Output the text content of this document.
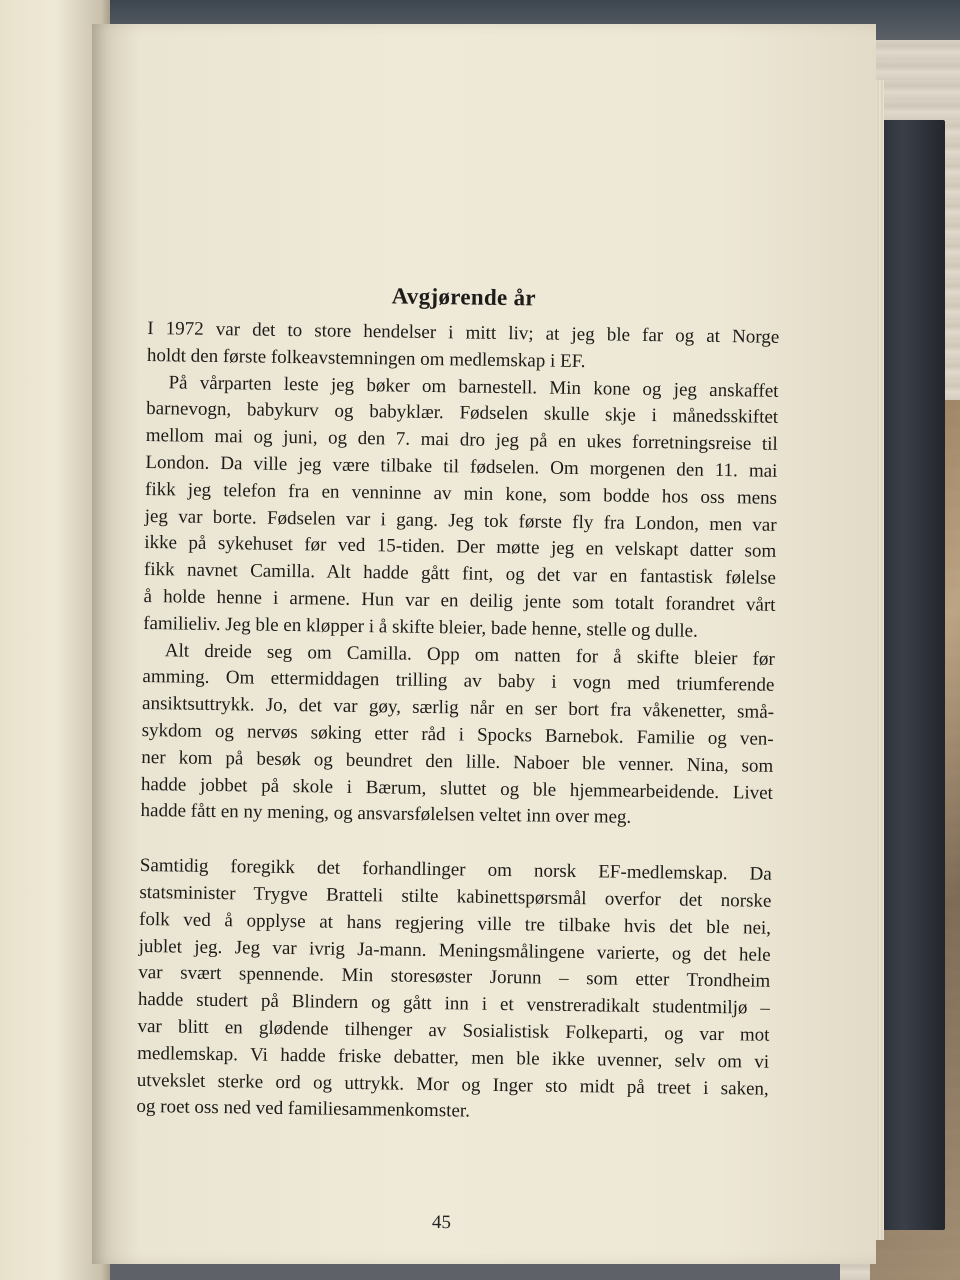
Avgjørende år

I 1972 var det to store hendelser i mitt liv; at jeg ble far og at Norge
holdt den første folkeavstemningen om medlemskap i EF.

På vårparten leste jeg bøker om barnestell. Min kone og jeg anskaffet
barnevogn, babykurv og babyklær. Fødselen skulle skje i månedsskiftet
mellom mai og juni, og den 7. mai dro jeg på en ukes forretningsreise til
London. Da ville jeg være tilbake til fødselen. Om morgenen den 11. mai
fikk jeg telefon fra en venninne av min kone, som bodde hos oss mens
jeg var borte. Fødselen var i gang. Jeg tok første fly fra London, men var
ikke på sykehuset før ved 15-tiden. Der møtte jeg en velskapt datter som
fikk navnet Camilla. Alt hadde gått fint, og det var en fantastisk følelse
å holde henne i armene. Hun var en deilig jente som totalt forandret vårt
familieliv. Jeg ble en kløpper i å skifte bleier, bade henne, stelle og dulle.

Alt dreide seg om Camilla. Opp om natten for å skifte bleier før
amming. Om ettermiddagen trilling av baby i vogn med triumferende
ansiktsuttrykk. Jo, det var gøy, særlig når en ser bort fra våkenetter, små-
sykdom og nervøs søking etter råd i Spocks Barnebok. Familie og ven-
ner kom på besøk og beundret den lille. Naboer ble venner. Nina, som
hadde jobbet på skole i Bærum, sluttet og ble hjemmearbeidende. Livet
hadde fått en ny mening, og ansvarsfølelsen veltet inn over meg.

Samtidig foregikk det forhandlinger om norsk EF-medlemskap. Da
statsminister Trygve Bratteli stilte kabinettspørsmål overfor det norske
folk ved å opplyse at hans regjering ville tre tilbake hvis det ble nei,
jublet jeg. Jeg var ivrig Ja-mann. Meningsmålingene varierte, og det hele
var svært spennende. Min storesøster Jorunn – som etter Trondheim
hadde studert på Blindern og gått inn i et venstreradikalt studentmiljø –
var blitt en glødende tilhenger av Sosialistisk Folkeparti, og var mot
medlemskap. Vi hadde friske debatter, men ble ikke uvenner, selv om vi
utvekslet sterke ord og uttrykk. Mor og Inger sto midt på treet i saken,
og roet oss ned ved familiesammenkomster.

45
